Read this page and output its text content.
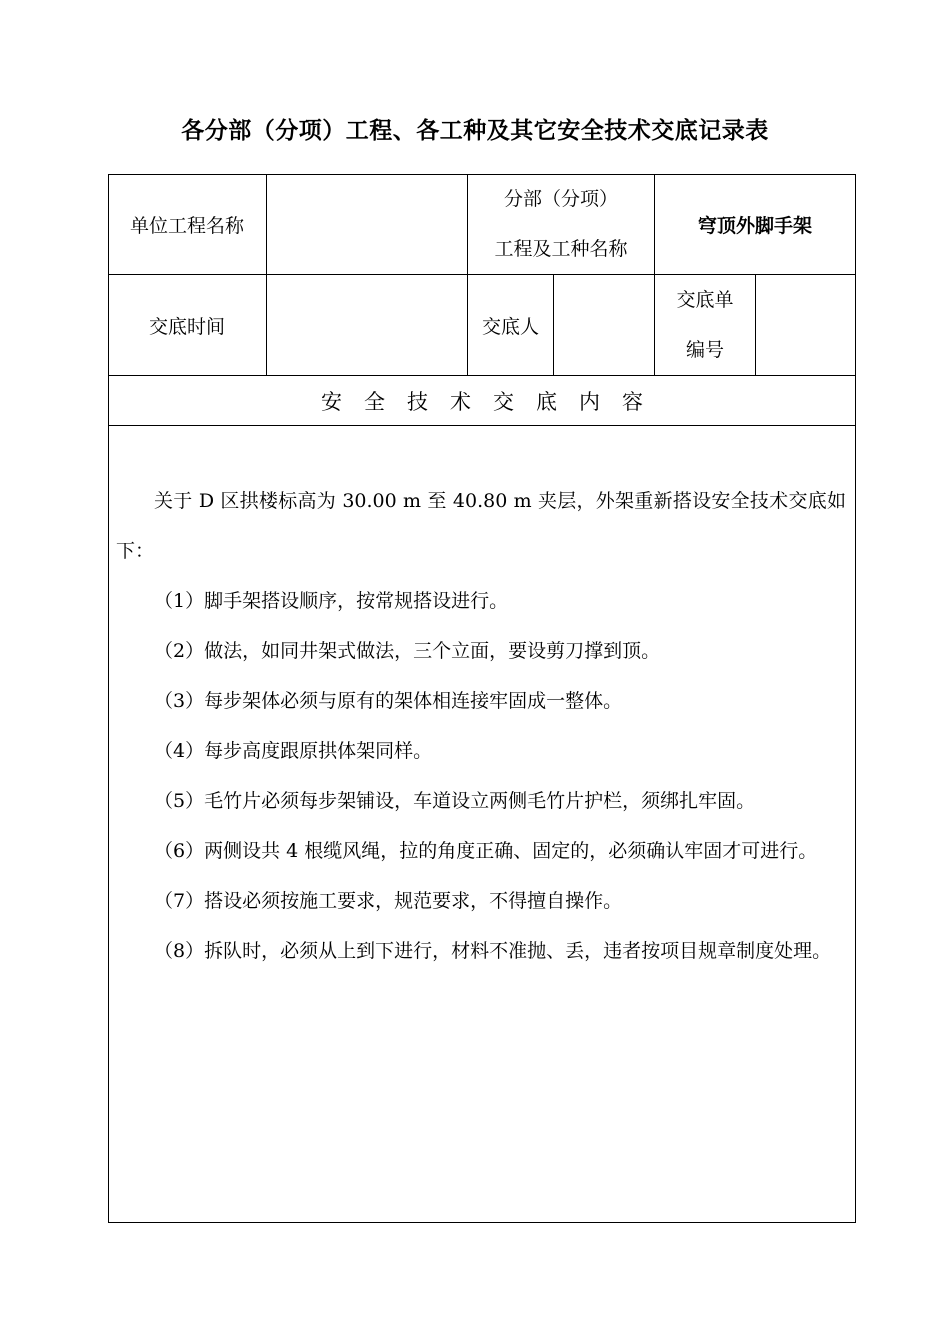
各分部（分项）工程、各工种及其它安全技术交底记录表
单位工程名称
分部（分项）
工程及工种名称
穹顶外脚手架
交底时间	交底人
交底单
编号
安全技术交底内容

关于 D 区拱楼标高为 30.00 m 至 40.80 m 夹层，外架重新搭设安全技术交底如下：

（1）脚手架搭设顺序，按常规搭设进行。

（2）做法，如同井架式做法，三个立面，要设剪刀撑到顶。

（3）每步架体必须与原有的架体相连接牢固成一整体。

（4）每步高度跟原拱体架同样。

（5）毛竹片必须每步架铺设，车道设立两侧毛竹片护栏，须绑扎牢固。

（6）两侧设共 4 根缆风绳，拉的角度正确、固定的，必须确认牢固才可进行。

（7）搭设必须按施工要求，规范要求，不得擅自操作。

（8）拆队时，必须从上到下进行，材料不准抛、丢，违者按项目规章制度处理。
